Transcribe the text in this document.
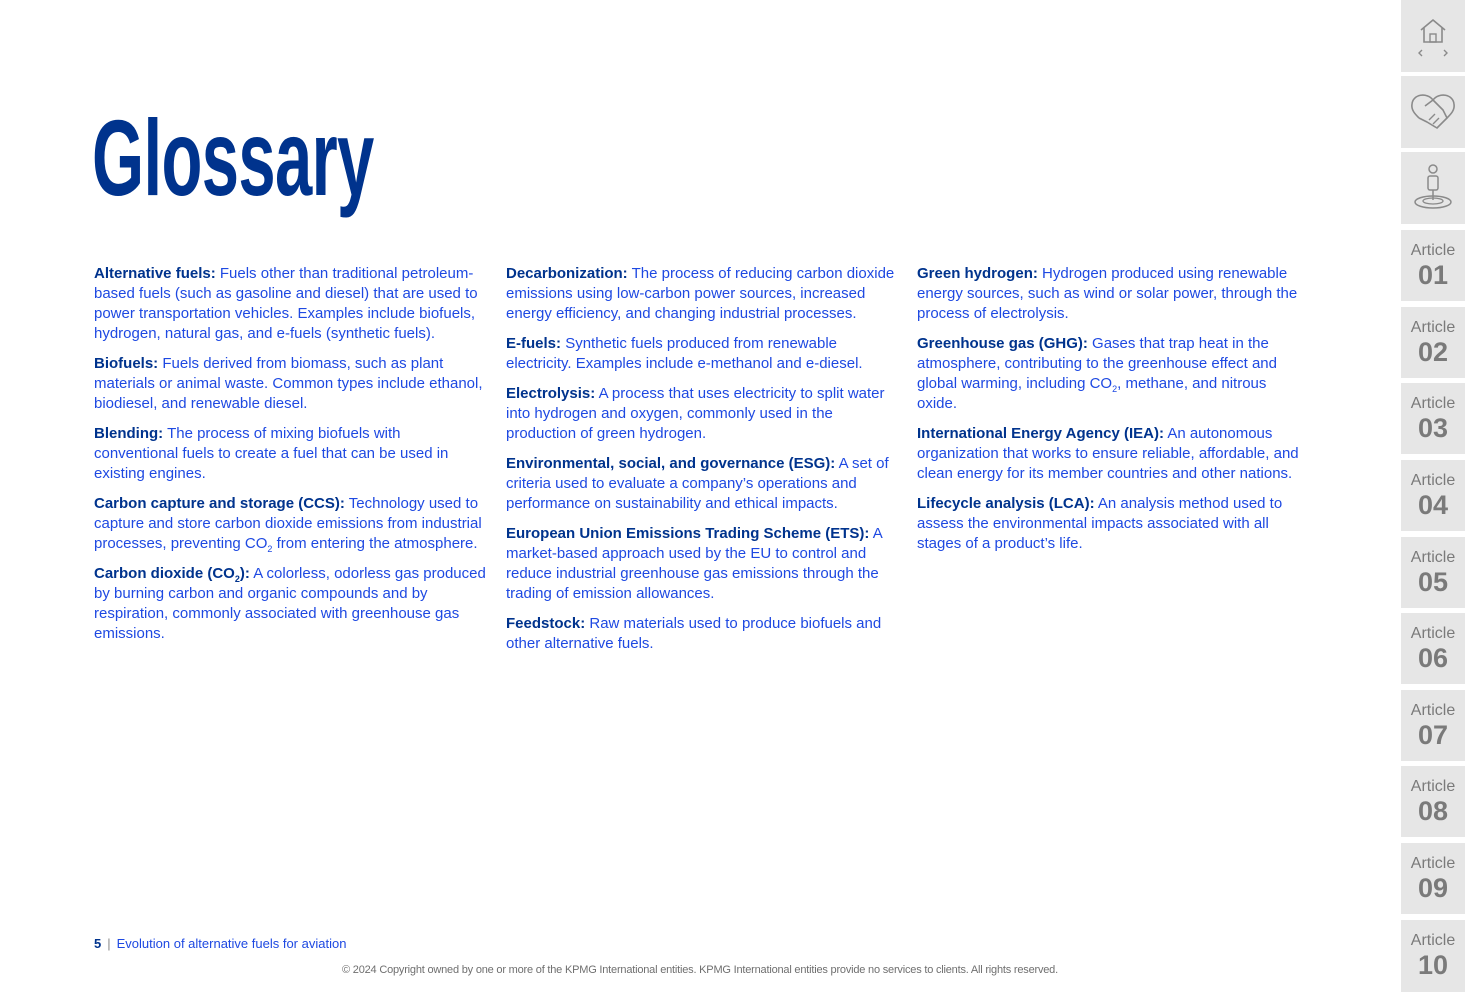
Glossary

Alternative fuels: Fuels other than traditional petroleum-based fuels (such as gasoline and diesel) that are used to power transportation vehicles. Examples include biofuels, hydrogen, natural gas, and e-fuels (synthetic fuels).

Biofuels: Fuels derived from biomass, such as plant materials or animal waste. Common types include ethanol, biodiesel, and renewable diesel.

Blending: The process of mixing biofuels with conventional fuels to create a fuel that can be used in existing engines.

Carbon capture and storage (CCS): Technology used to capture and store carbon dioxide emissions from industrial processes, preventing $CO_2$ from entering the atmosphere.

Carbon dioxide $(CO_2)$: A colorless, odorless gas produced by burning carbon and organic compounds and by respiration, commonly associated with greenhouse gas emissions.

Decarbonization: The process of reducing carbon dioxide emissions using low-carbon power sources, increased energy efficiency, and changing industrial processes.

E-fuels: Synthetic fuels produced from renewable electricity. Examples include e-methanol and e-diesel.

Electrolysis: A process that uses electricity to split water into hydrogen and oxygen, commonly used in the production of green hydrogen.

Environmental, social, and governance (ESG): A set of criteria used to evaluate a company’s operations and performance on sustainability and ethical impacts.

European Union Emissions Trading Scheme (ETS): A market-based approach used by the EU to control and reduce industrial greenhouse gas emissions through the trading of emission allowances.

Feedstock: Raw materials used to produce biofuels and other alternative fuels.

Green hydrogen: Hydrogen produced using renewable energy sources, such as wind or solar power, through the process of electrolysis.

Greenhouse gas (GHG): Gases that trap heat in the atmosphere, contributing to the greenhouse effect and global warming, including $CO_2$, methane, and nitrous oxide.

International Energy Agency (IEA): An autonomous organization that works to ensure reliable, affordable, and clean energy for its member countries and other nations.

Lifecycle analysis (LCA): An analysis method used to assess the environmental impacts associated with all stages of a product’s life.

5 | Evolution of alternative fuels for aviation
© 2024 Copyright owned by one or more of the KPMG International entities. KPMG International entities provide no services to clients. All rights reserved.
Article
01
Article
02
Article
03
Article
04
Article
05
Article
06
Article
07
Article
08
Article
09
Article
10
